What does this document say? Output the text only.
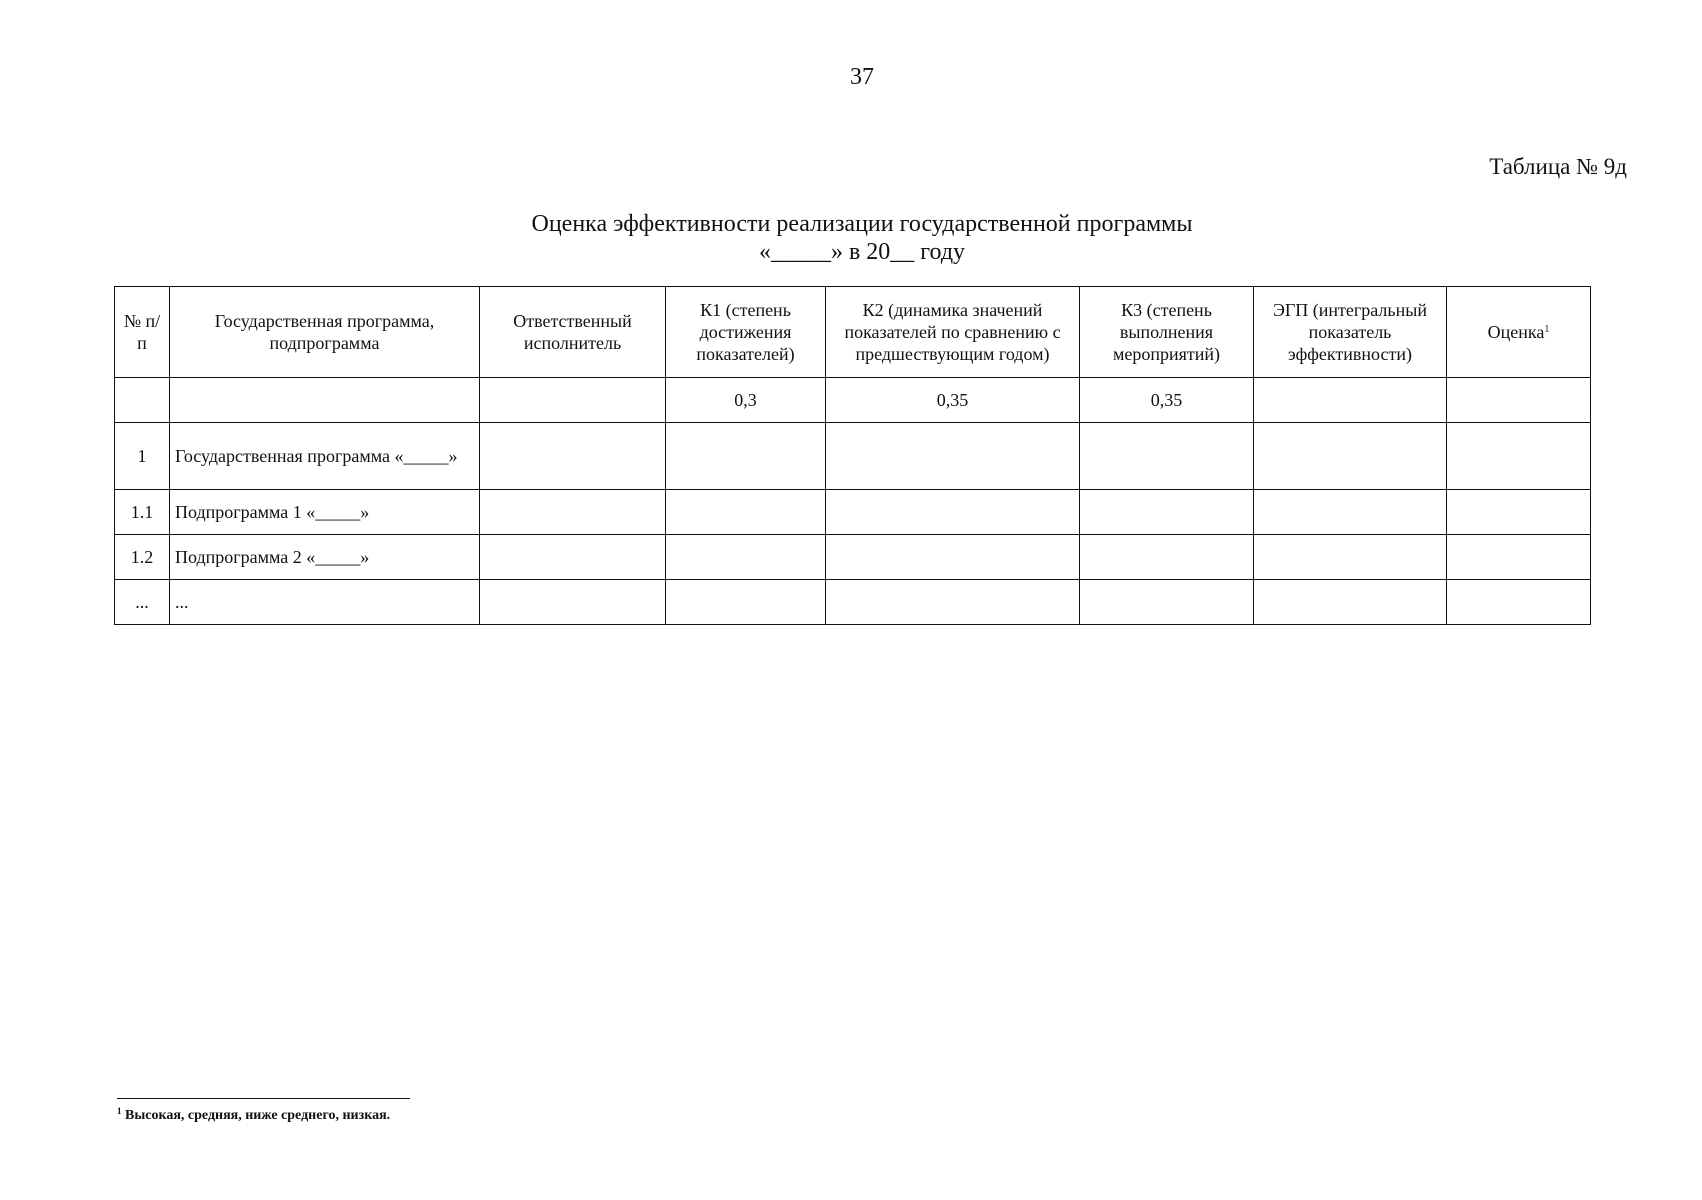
37
Таблица № 9д
Оценка эффективности реализации государственной программы
«_____» в 20__ году
№ п/п	Государственная программа, подпрограмма	Ответственный исполнитель	К1 (степень достижения показателей)	К2 (динамика значений показателей по сравнению с предшествующим годом)	К3 (степень выполнения мероприятий)	ЭГП (интегральный показатель эффективности)	Оценка$^1$
			0,3	0,35	0,35		
1	Государственная программа «_____»						
1.1	Подпрограмма 1 «_____»						
1.2	Подпрограмма 2 «_____»						
...	...						
$^1$ Высокая, средняя, ниже среднего, низкая.
